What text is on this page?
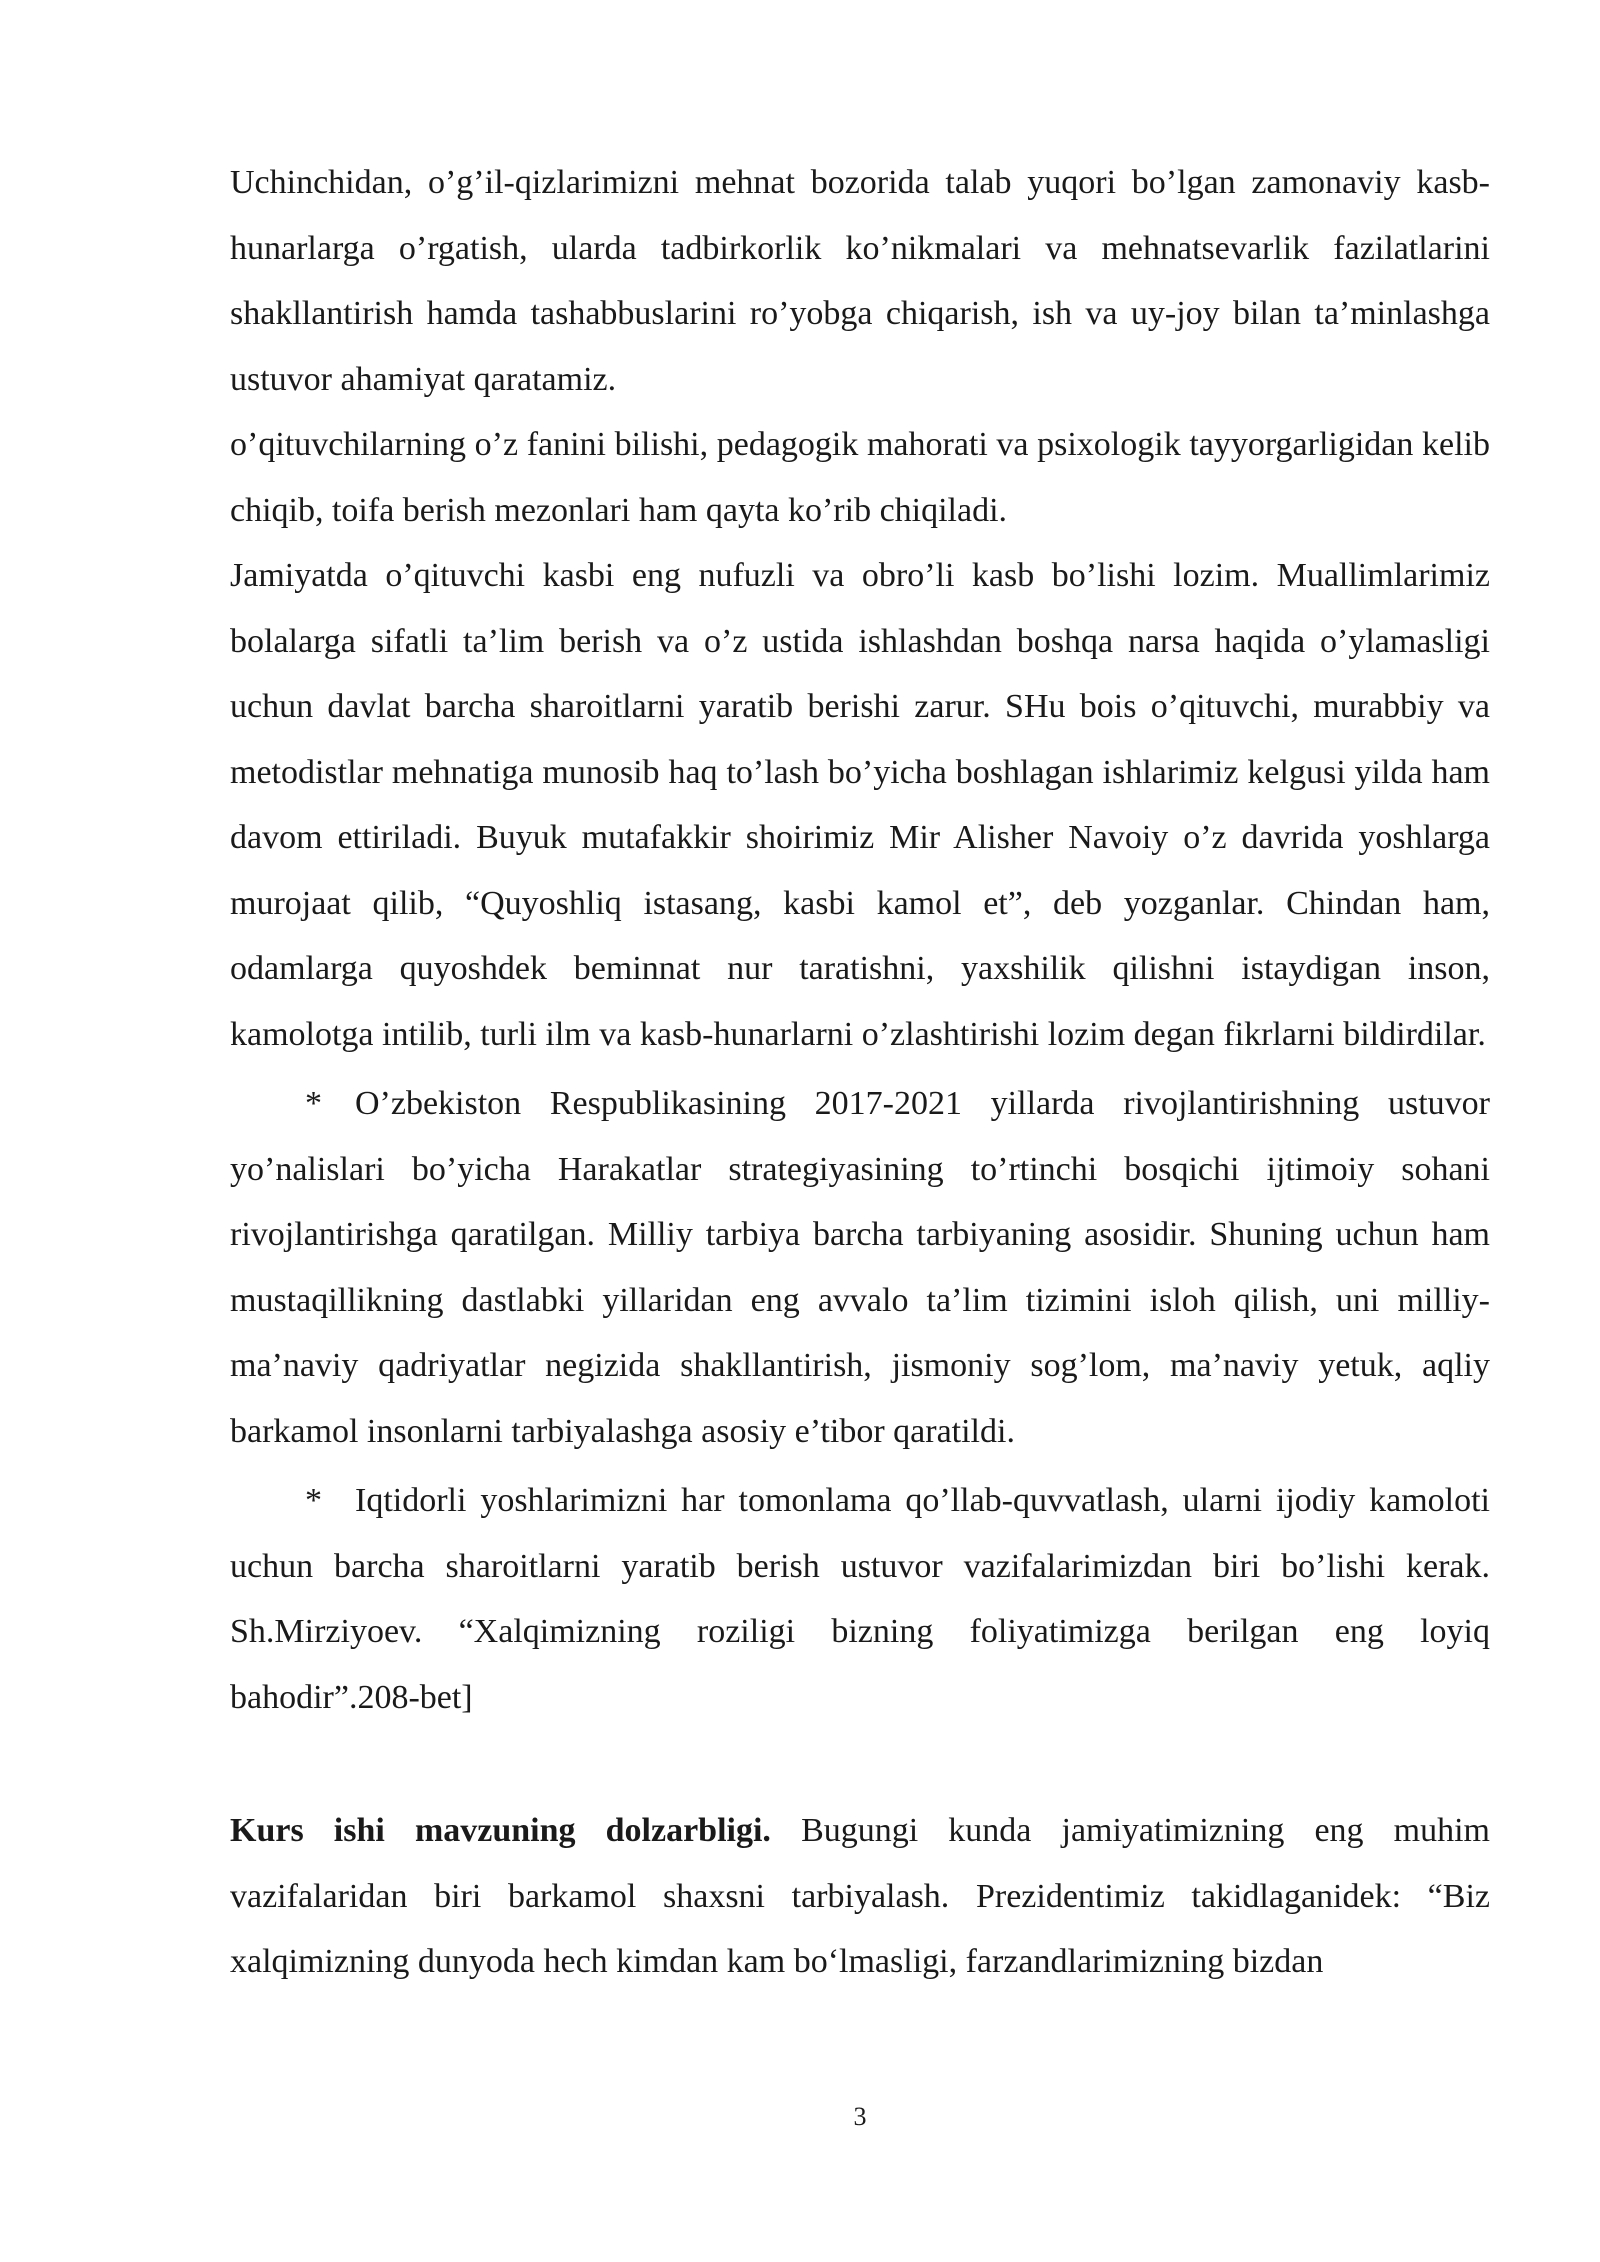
Uchinchidan, o’g’il-qizlarimizni mehnat bozorida talab yuqori bo’lgan zamonaviy kasb-hunarlarga o’rgatish, ularda tadbirkorlik ko’nikmalari va mehnatsevarlik fazilatlarini shakllantirish hamda tashabbuslarini ro’yobga chiqarish, ish va uy-joy bilan ta’minlashga ustuvor ahamiyat qaratamiz.

o’qituvchilarning o’z fanini bilishi, pedagogik mahorati va psixologik tayyorgarligidan kelib chiqib, toifa berish mezonlari ham qayta ko’rib chiqiladi.

Jamiyatda o’qituvchi kasbi eng nufuzli va obro’li kasb bo’lishi lozim. Muallimlarimiz bolalarga sifatli ta’lim berish va o’z ustida ishlashdan boshqa narsa haqida o’ylamasligi uchun davlat barcha sharoitlarni yaratib berishi zarur. SHu bois o’qituvchi, murabbiy va metodistlar mehnatiga munosib haq to’lash bo’yicha boshlagan ishlarimiz kelgusi yilda ham davom ettiriladi. Buyuk mutafakkir shoirimiz Mir Alisher Navoiy o’z davrida yoshlarga murojaat qilib, “Quyoshliq istasang, kasbi kamol et”, deb yozganlar. Chindan ham, odamlarga quyoshdek beminnat nur taratishni, yaxshilik qilishni istaydigan inson, kamolotga intilib, turli ilm va kasb-hunarlarni o’zlashtirishi lozim degan fikrlarni bildirdilar.

* O’zbekiston Respublikasining 2017-2021 yillarda rivojlantirishning ustuvor yo’nalislari bo’yicha Harakatlar strategiyasining to’rtinchi bosqichi ijtimoiy sohani rivojlantirishga qaratilgan. Milliy tarbiya barcha tarbiyaning asosidir. Shuning uchun ham mustaqillikning dastlabki yillaridan eng avvalo ta’lim tizimini isloh qilish, uni milliy-ma’naviy qadriyatlar negizida shakllantirish, jismoniy sog’lom, ma’naviy yetuk, aqliy barkamol insonlarni tarbiyalashga asosiy e’tibor qaratildi.

* Iqtidorli yoshlarimizni har tomonlama qo’llab-quvvatlash, ularni ijodiy kamoloti uchun barcha sharoitlarni yaratib berish ustuvor vazifalarimizdan biri bo’lishi kerak. Sh.Mirziyoev. “Xalqimizning roziligi bizning foliyatimizga berilgan eng loyiq bahodir”.208-bet]

Kurs ishi mavzuning dolzarbligi. Bugungi kunda jamiyatimizning eng muhim vazifalaridan biri barkamol shaxsni tarbiyalash. Prezidentimiz takidlaganidek: “Biz xalqimizning dunyoda hech kimdan kam bo‘lmasligi, farzandlarimizning bizdan

3
